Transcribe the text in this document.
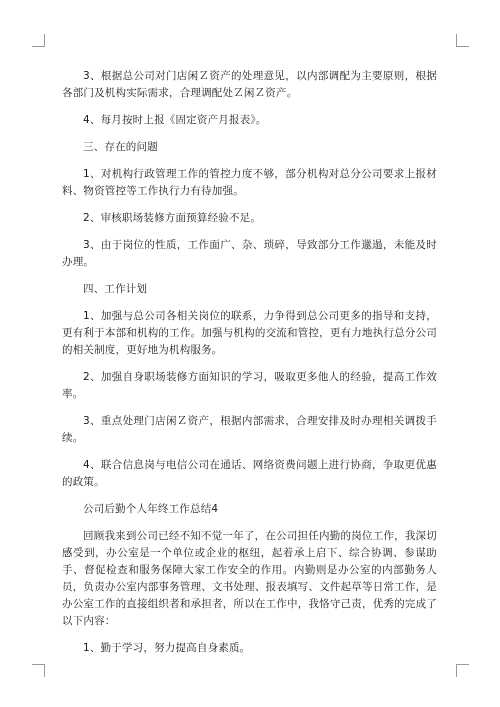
3、根据总公司对门店闲Ｚ资产的处理意见，以内部调配为主要原则，根据各部门及机构实际需求，合理调配处Ｚ闲Ｚ资产。

4、每月按时上报《固定资产月报表》。

三、存在的问题

1、对机构行政管理工作的管控力度不够，部分机构对总分公司要求上报材料、物资管控等工作执行力有待加强。

2、审核职场装修方面预算经验不足。

3、由于岗位的性质，工作面广、杂、琐碎，导致部分工作邋遢，未能及时办理。

四、工作计划

1、加强与总公司各相关岗位的联系，力争得到总公司更多的指导和支持，更有利于本部和机构的工作。加强与机构的交流和管控，更有力地执行总分公司的相关制度，更好地为机构服务。

2、加强自身职场装修方面知识的学习，吸取更多他人的经验，提高工作效率。

3、重点处理门店闲Ｚ资产，根据内部需求，合理安排及时办理相关调拨手续。

4、联合信息岗与电信公司在通话、网络资费问题上进行协商，争取更优惠的政策。

公司后勤个人年终工作总结4

回顾我来到公司已经不知不觉一年了，在公司担任内勤的岗位工作，我深切感受到，办公室是一个单位或企业的枢纽，起着承上启下、综合协调、参谋助手、督促检查和服务保障大家工作安全的作用。内勤则是办公室的内部勤务人员，负责办公室内部事务管理、文书处理、报表填写、文件起草等日常工作，是办公室工作的直接组织者和承担者，所以在工作中，我恪守己责，优秀的完成了以下内容：

1、勤于学习，努力提高自身素质。
